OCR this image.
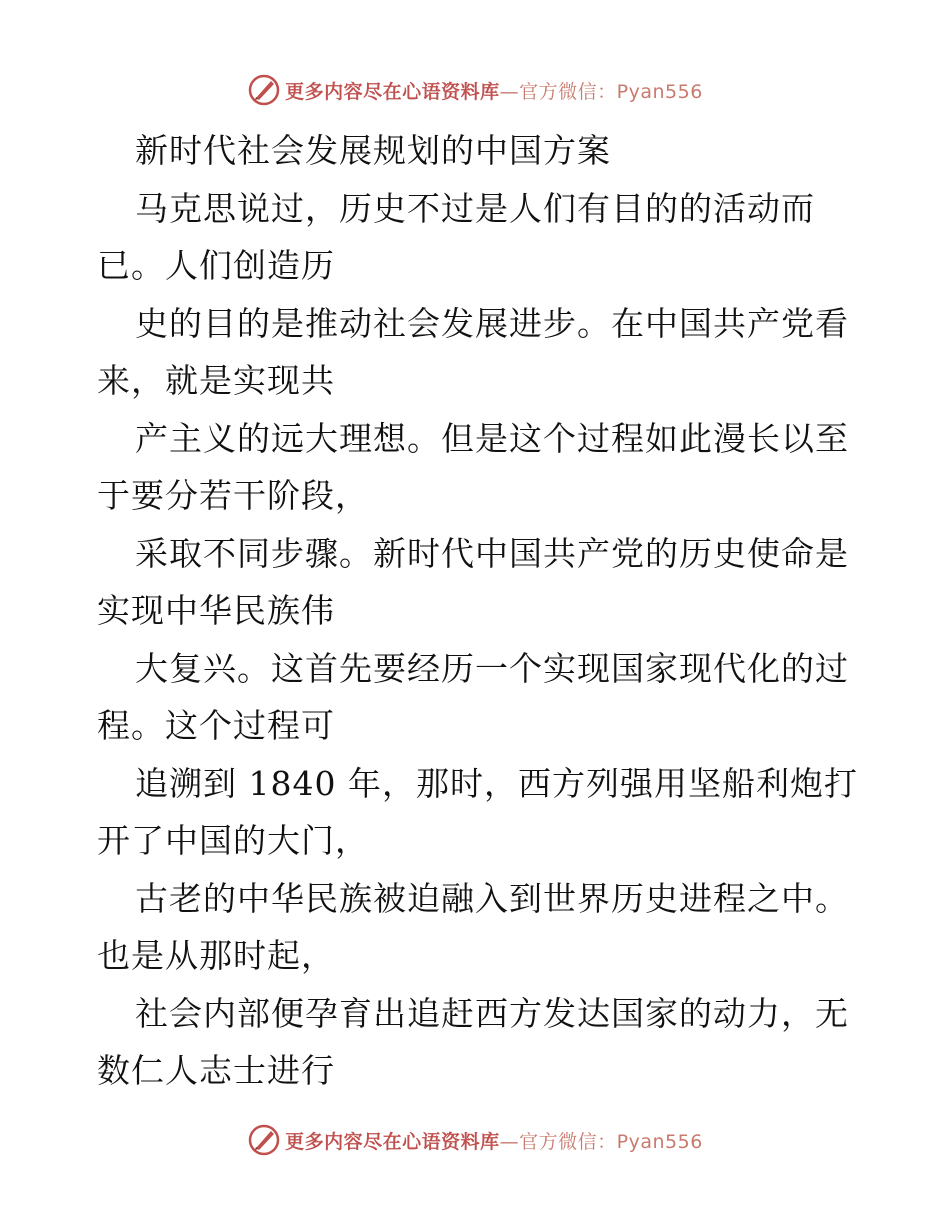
更多内容尽在心语资料库—官方微信：Pyan556
新时代社会发展规划的中国方案
马克思说过，历史不过是人们有目的的活动而
已。人们创造历
史的目的是推动社会发展进步。在中国共产党看
来，就是实现共
产主义的远大理想。但是这个过程如此漫长以至
于要分若干阶段，
采取不同步骤。新时代中国共产党的历史使命是
实现中华民族伟
大复兴。这首先要经历一个实现国家现代化的过
程。这个过程可
追溯到 1840 年，那时，西方列强用坚船利炮打
开了中国的大门，
古老的中华民族被迫融入到世界历史进程之中。
也是从那时起，
社会内部便孕育出追赶西方发达国家的动力，无
数仁人志士进行
更多内容尽在心语资料库—官方微信：Pyan556
